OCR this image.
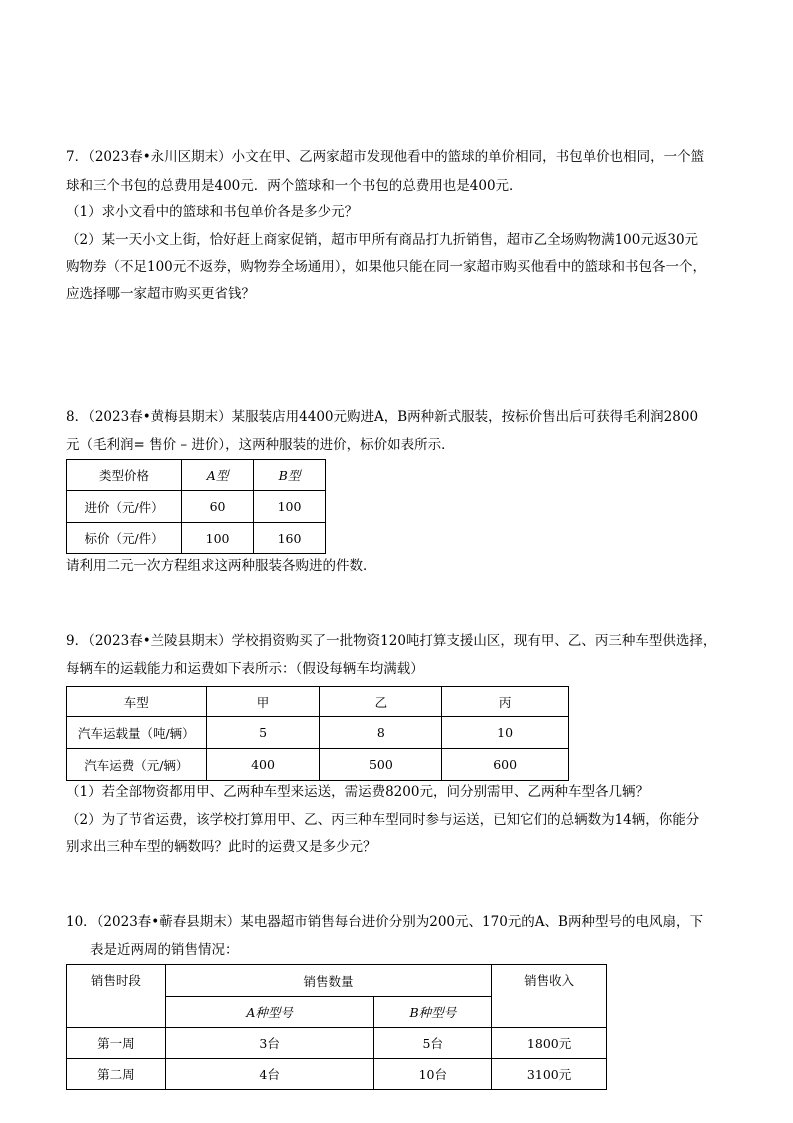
7．（2023春•永川区期末）小文在甲、乙两家超市发现他看中的篮球的单价相同，书包单价也相同，一个篮
球和三个书包的总费用是400元．两个篮球和一个书包的总费用也是400元．
（1）求小文看中的篮球和书包单价各是多少元？
（2）某一天小文上街，恰好赶上商家促销，超市甲所有商品打九折销售，超市乙全场购物满100元返30元
购物券（不足100元不返券，购物券全场通用），如果他只能在同一家超市购买他看中的篮球和书包各一个，
应选择哪一家超市购买更省钱？
8．（2023春•黄梅县期末）某服装店用4400元购进A，B两种新式服装，按标价售出后可获得毛利润2800
元（毛利润= 售价 – 进价），这两种服装的进价，标价如表所示．
类型价格	A型	B型
进价（元/件）	60	100
标价（元/件）	100	160
请利用二元一次方程组求这两种服装各购进的件数．
9．（2023春•兰陵县期末）学校捐资购买了一批物资120吨打算支援山区，现有甲、乙、丙三种车型供选择，
每辆车的运载能力和运费如下表所示：（假设每辆车均满载）
车型	甲	乙	丙
汽车运载量（吨/辆）	5	8	10
汽车运费（元/辆）	400	500	600
（1）若全部物资都用甲、乙两种车型来运送，需运费8200元，问分别需甲、乙两种车型各几辆？
（2）为了节省运费，该学校打算用甲、乙、丙三种车型同时参与运送，已知它们的总辆数为14辆，你能分
别求出三种车型的辆数吗？此时的运费又是多少元？
10．（2023春•蕲春县期末）某电器超市销售每台进价分别为200元、170元的A、B两种型号的电风扇，下
表是近两周的销售情况：
销售时段	销售数量		销售收入
	A种型号	B种型号	
第一周	3台	5台	1800元
第二周	4台	10台	3100元
